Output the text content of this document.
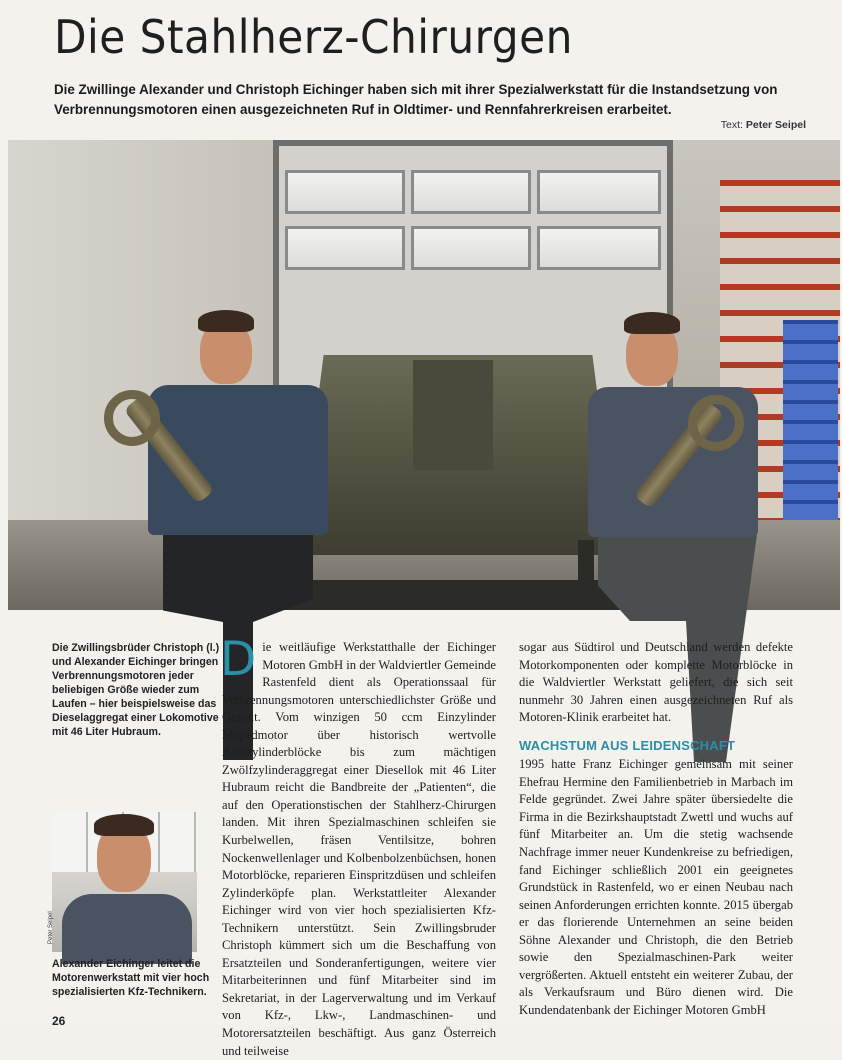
Die Stahlherz-Chirurgen

Die Zwillinge Alexander und Christoph Eichinger haben sich mit ihrer Spezialwerkstatt für die Instandsetzung von Verbrennungsmotoren einen ausgezeichneten Ruf in Oldtimer- und Rennfahrerkreisen erarbeitet.

Text: Peter Seipel

Die Zwillingsbrüder Christoph (l.) und Alexander Eichinger bringen Verbrennungsmotoren jeder beliebigen Größe wieder zum Laufen – hier beispielsweise das Dieselaggregat einer Lokomotive mit 46 Liter Hubraum.

Peter Seipel

Alexander Eichinger leitet die Motorenwerkstatt mit vier hoch spezialisierten Kfz-Technikern.

Die weitläufige Werkstatthalle der Eichinger Motoren GmbH in der Waldviertler Gemeinde Rastenfeld dient als Operationssaal für Verbrennungsmotoren unterschiedlichster Größe und Gestalt. Vom winzigen 50 ccm Einzylinder Mopedmotor über historisch wertvolle Achtzylinderblöcke bis zum mächtigen Zwölfzylinderaggregat einer Diesellok mit 46 Liter Hubraum reicht die Bandbreite der „Patienten“, die auf den Operationstischen der Stahlherz-Chirurgen landen. Mit ihren Spezialmaschinen schleifen sie Kurbelwellen, fräsen Ventilsitze, bohren Nockenwellenlager und Kolbenbolzenbüchsen, honen Motorblöcke, reparieren Einspritzdüsen und schleifen Zylinderköpfe plan. Werkstattleiter Alexander Eichinger wird von vier hoch spezialisierten Kfz-Technikern unterstützt. Sein Zwillingsbruder Christoph kümmert sich um die Beschaffung von Ersatzteilen und Sonderanfertigungen, weitere vier Mitarbeiterinnen und fünf Mitarbeiter sind im Sekretariat, in der Lagerverwaltung und im Verkauf von Kfz-, Lkw-, Landmaschinen- und Motorersatzteilen beschäftigt. Aus ganz Österreich und teilweise

sogar aus Südtirol und Deutschland werden defekte Motorkomponenten oder komplette Motorblöcke in die Waldviertler Werkstatt geliefert, die sich seit nunmehr 30 Jahren einen ausgezeichneten Ruf als Motoren-Klinik erarbeitet hat.

WACHSTUM AUS LEIDENSCHAFT

1995 hatte Franz Eichinger gemeinsam mit seiner Ehefrau Hermine den Familienbetrieb in Marbach im Felde gegründet. Zwei Jahre später übersiedelte die Firma in die Bezirkshauptstadt Zwettl und wuchs auf fünf Mitarbeiter an. Um die stetig wachsende Nachfrage immer neuer Kundenkreise zu befriedigen, fand Eichinger schließlich 2001 ein geeignetes Grundstück in Rastenfeld, wo er einen Neubau nach seinen Anforderungen errichten konnte. 2015 übergab er das florierende Unternehmen an seine beiden Söhne Alexander und Christoph, die den Betrieb sowie den Spezialmaschinen-Park weiter vergrößerten. Aktuell entsteht ein weiterer Zubau, der als Verkaufsraum und Büro dienen wird. Die Kundendatenbank der Eichinger Motoren GmbH

26
